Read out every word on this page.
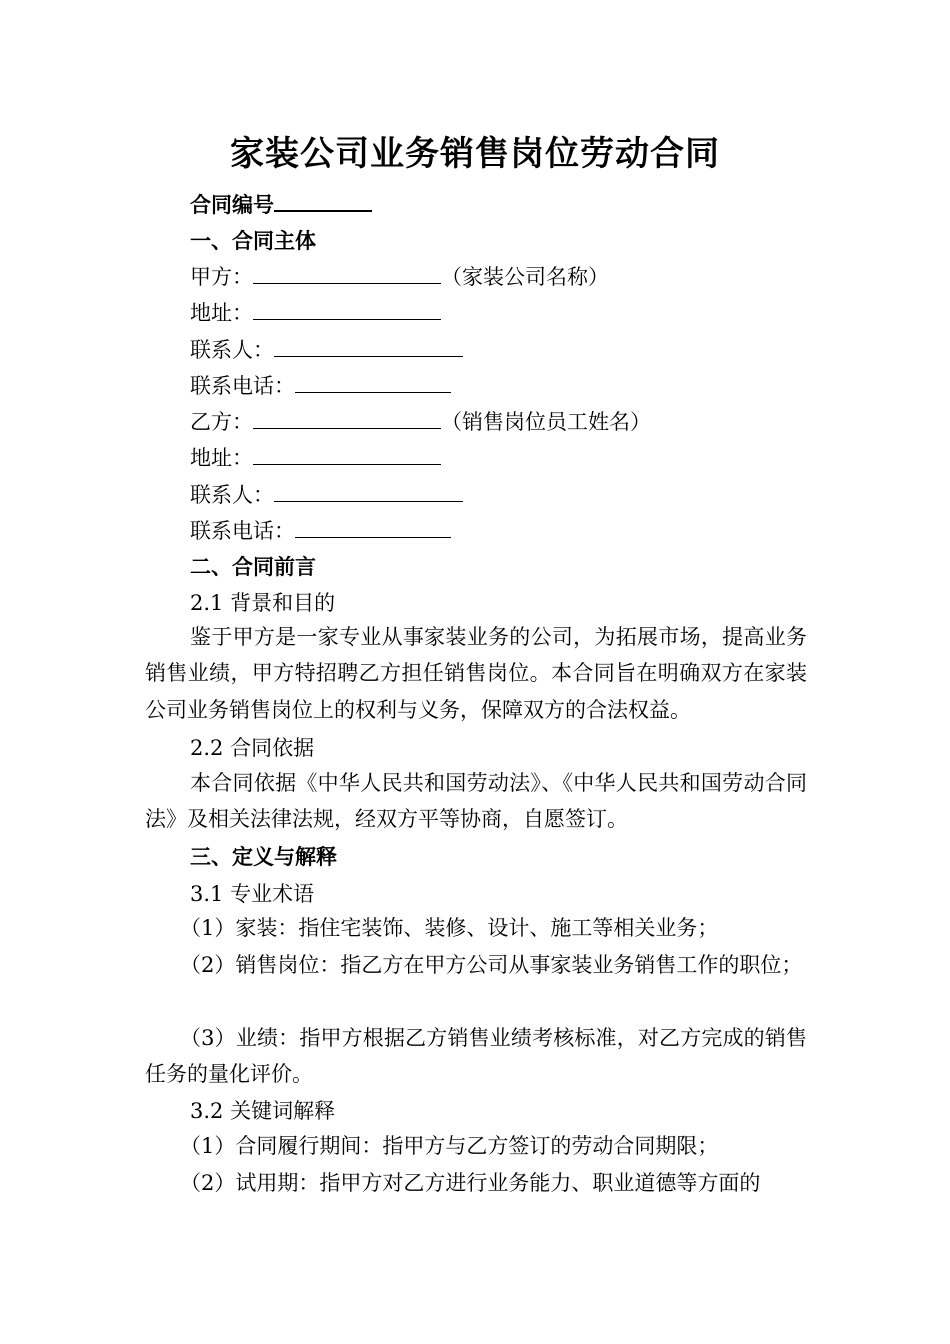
家装公司业务销售岗位劳动合同
合同编号
一、合同主体
甲方：	（家装公司名称）
地址：
联系人：
联系电话：
乙方：	（销售岗位员工姓名）
地址：
联系人：
联系电话：
二、合同前言
2.1 背景和目的
鉴于甲方是一家专业从事家装业务的公司，为拓展市场，提高业务销售业绩，甲方特招聘乙方担任销售岗位。本合同旨在明确双方在家装公司业务销售岗位上的权利与义务，保障双方的合法权益。
2.2 合同依据
本合同依据《中华人民共和国劳动法》、《中华人民共和国劳动合同法》及相关法律法规，经双方平等协商，自愿签订。
三、定义与解释
3.1 专业术语
（1）家装：指住宅装饰、装修、设计、施工等相关业务；
（2）销售岗位：指乙方在甲方公司从事家装业务销售工作的职位；
（3）业绩：指甲方根据乙方销售业绩考核标准，对乙方完成的销售任务的量化评价。
3.2 关键词解释
（1）合同履行期间：指甲方与乙方签订的劳动合同期限；
（2）试用期：指甲方对乙方进行业务能力、职业道德等方面的
